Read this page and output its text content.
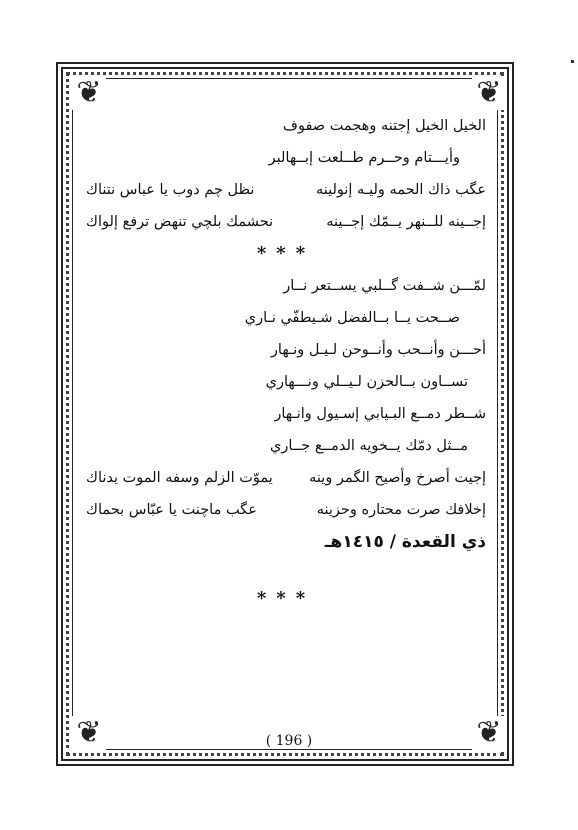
❦	❦
❦	❦
الخيل الخيل إجتنه وهجمت صفوف
وأيـــتام وحــرم طــلعت إبــهالبر
عگب ذاك الحمه وليـه إنولينه
نظل چم دوب يا عباس نتناك
إجــينه للــنهر يــمّك إجــينه
نحشمك بلچي تنهض ترفع إلواك
***
لمّـــن شــفت گــلبي يســتعر نــار
صــحت يــا بــالفضل شـيطفّي نـاري
أحـــن وأنــحب وأنــوحن لـيـل ونـهار
تســاون بــالحزن لـيــلي ونـــهاري
شــطر دمــع البـيابي إسـيول وانـهار
مــثل دمّك يــخويه الدمــع جــاري
إجيت أصرخ وأصيح الگمر وينه
يموّت الزلم وسفه الموت يدناك
إخلافك صرت محتاره وحزينه
عگب ماچنت يا عبّاس بحماك
ذي القعدة / ١٤١٥هـ
***
( 196 )
